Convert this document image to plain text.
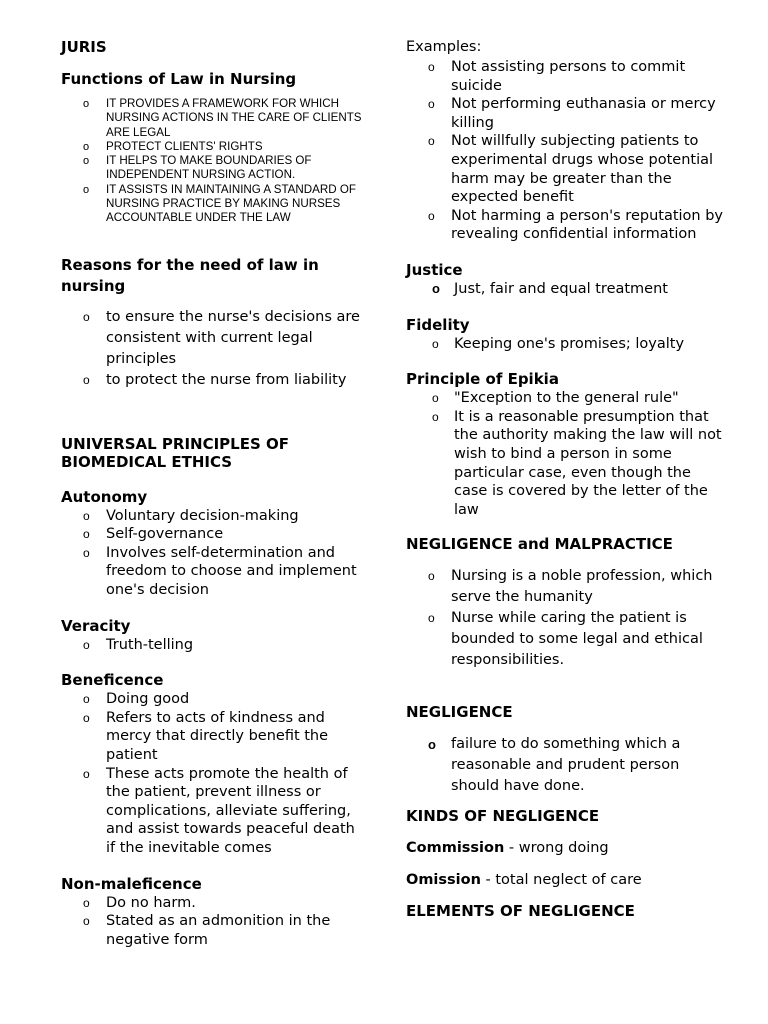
JURIS
Functions of Law in Nursing
o IT PROVIDES A FRAMEWORK FOR WHICH NURSING ACTIONS IN THE CARE OF CLIENTS ARE LEGAL
o PROTECT CLIENTS' RIGHTS
o IT HELPS TO MAKE BOUNDARIES OF INDEPENDENT NURSING ACTION.
o IT ASSISTS IN MAINTAINING A STANDARD OF NURSING PRACTICE BY MAKING NURSES ACCOUNTABLE UNDER THE LAW
Reasons for the need of law in nursing
o to ensure the nurse's decisions are consistent with current legal principles
o to protect the nurse from liability
UNIVERSAL PRINCIPLES OF BIOMEDICAL ETHICS
Autonomy
o Voluntary decision-making
o Self-governance
o Involves self-determination and freedom to choose and implement one's decision
Veracity
o Truth-telling
Beneficence
o Doing good
o Refers to acts of kindness and mercy that directly benefit the patient
o These acts promote the health of the patient, prevent illness or complications, alleviate suffering, and assist towards peaceful death if the inevitable comes
Non-maleficence
o Do no harm.
o Stated as an admonition in the negative form

Examples:

o Not assisting persons to commit suicide
o Not performing euthanasia or mercy killing
o Not willfully subjecting patients to experimental drugs whose potential harm may be greater than the expected benefit
o Not harming a person's reputation by revealing confidential information
Justice
o Just, fair and equal treatment
Fidelity
o Keeping one's promises; loyalty
Principle of Epikia
o "Exception to the general rule"
o It is a reasonable presumption that the authority making the law will not wish to bind a person in some particular case, even though the case is covered by the letter of the law
NEGLIGENCE and MALPRACTICE
o Nursing is a noble profession, which serve the humanity
o Nurse while caring the patient is bounded to some legal and ethical responsibilities.
NEGLIGENCE
o failure to do something which a reasonable and prudent person should have done.
KINDS OF NEGLIGENCE

Commission - wrong doing

Omission - total neglect of care

ELEMENTS OF NEGLIGENCE
